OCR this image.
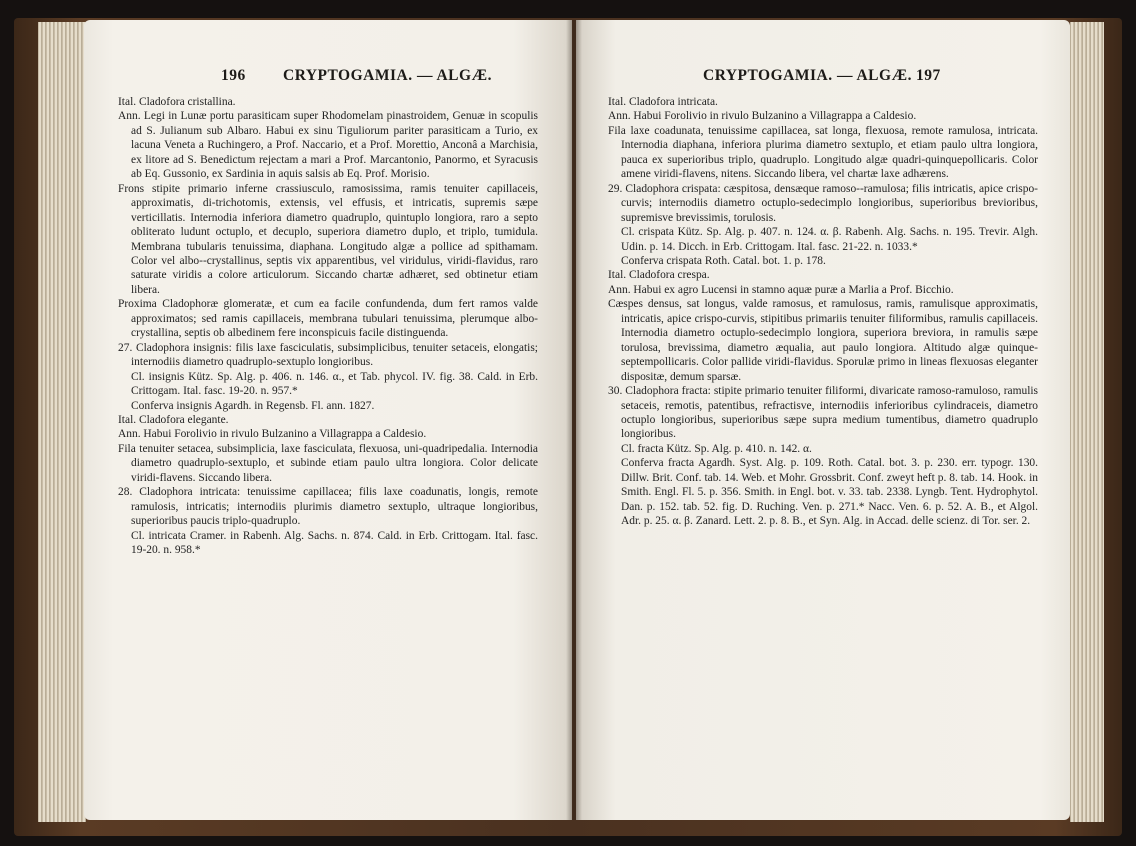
196 CRYPTOGAMIA. — ALGÆ.	CRYPTOGAMIA. — ALGÆ. 197

Ital. Cladofora cristallina.

Ann. Legi in Lunæ portu parasiticam super Rhodomelam pinastroidem, Genuæ in scopulis ad S. Julianum sub Albaro. Habui ex sinu Tiguliorum pariter parasiticam a Turio, ex lacuna Veneta a Ruchingero, a Prof. Naccario, et a Prof. Morettio, Anconâ a Marchisia, ex litore ad S. Benedictum rejectam a mari a Prof. Marcantonio, Panormo, et Syracusis ab Eq. Gussonio, ex Sardinia in aquis salsis ab Eq. Prof. Morisio.

Frons stipite primario inferne crassiusculo, ramosissima, ramis tenuiter capillaceis, approximatis, di-trichotomis, extensis, vel effusis, et intricatis, supremis sæpe verticillatis. Internodia inferiora diametro quadruplo, quintuplo longiora, raro a septo obliterato ludunt octuplo, et decuplo, superiora diametro duplo, et triplo, tumidula. Membrana tubularis tenuissima, diaphana. Longitudo algæ a pollice ad spithamam. Color vel albo--crystallinus, septis vix apparentibus, vel viridulus, viridi-flavidus, raro saturate viridis a colore articulorum. Siccando chartæ adhæret, sed obtinetur etiam libera.

Proxima Cladophoræ glomeratæ, et cum ea facile confundenda, dum fert ramos valde approximatos; sed ramis capillaceis, membrana tubulari tenuissima, plerumque albo-crystallina, septis ob albedinem fere inconspicuis facile distinguenda.

27. Cladophora insignis: filis laxe fasciculatis, subsimplicibus, tenuiter setaceis, elongatis; internodiis diametro quadruplo-sextuplo longioribus.

Cl. insignis Kütz. Sp. Alg. p. 406. n. 146. α., et Tab. phycol. IV. fig. 38. Cald. in Erb. Crittogam. Ital. fasc. 19-20. n. 957.*

Conferva insignis Agardh. in Regensb. Fl. ann. 1827.

Ital. Cladofora elegante.

Ann. Habui Forolivio in rivulo Bulzanino a Villagrappa a Caldesio.

Fila tenuiter setacea, subsimplicia, laxe fasciculata, flexuosa, uni-quadripedalia. Internodia diametro quadruplo-sextuplo, et subinde etiam paulo ultra longiora. Color delicate viridi-flavens. Siccando libera.

28. Cladophora intricata: tenuissime capillacea; filis laxe coadunatis, longis, remote ramulosis, intricatis; internodiis plurimis diametro sextuplo, ultraque longioribus, superioribus paucis triplo-quadruplo.

Cl. intricata Cramer. in Rabenh. Alg. Sachs. n. 874. Cald. in Erb. Crittogam. Ital. fasc. 19-20. n. 958.*

Ital. Cladofora intricata.

Ann. Habui Forolivio in rivulo Bulzanino a Villagrappa a Caldesio.

Fila laxe coadunata, tenuissime capillacea, sat longa, flexuosa, remote ramulosa, intricata. Internodia diaphana, inferiora plurima diametro sextuplo, et etiam paulo ultra longiora, pauca ex superioribus triplo, quadruplo. Longitudo algæ quadri-quinquepollicaris. Color amene viridi-flavens, nitens. Siccando libera, vel chartæ laxe adhærens.

29. Cladophora crispata: cæspitosa, densæque ramoso--ramulosa; filis intricatis, apice crispo-curvis; internodiis diametro octuplo-sedecimplo longioribus, superioribus brevioribus, supremisve brevissimis, torulosis.

Cl. crispata Kütz. Sp. Alg. p. 407. n. 124. α. β. Rabenh. Alg. Sachs. n. 195. Trevir. Algh. Udin. p. 14. Dicch. in Erb. Crittogam. Ital. fasc. 21-22. n. 1033.*

Conferva crispata Roth. Catal. bot. 1. p. 178.

Ital. Cladofora crespa.

Ann. Habui ex agro Lucensi in stamno aquæ puræ a Marlia a Prof. Bicchio.

Cæspes densus, sat longus, valde ramosus, et ramulosus, ramis, ramulisque approximatis, intricatis, apice crispo-curvis, stipitibus primariis tenuiter filiformibus, ramulis capillaceis. Internodia diametro octuplo-sedecimplo longiora, superiora breviora, in ramulis sæpe torulosa, brevissima, diametro æqualia, aut paulo longiora. Altitudo algæ quinque-septempollicaris. Color pallide viridi-flavidus. Sporulæ primo in lineas flexuosas eleganter dispositæ, demum sparsæ.

30. Cladophora fracta: stipite primario tenuiter filiformi, divaricate ramoso-ramuloso, ramulis setaceis, remotis, patentibus, refractisve, internodiis inferioribus cylindraceis, diametro octuplo longioribus, superioribus sæpe supra medium tumentibus, diametro quadruplo longioribus.

Cl. fracta Kütz. Sp. Alg. p. 410. n. 142. α.

Conferva fracta Agardh. Syst. Alg. p. 109. Roth. Catal. bot. 3. p. 230. err. typogr. 130. Dillw. Brit. Conf. tab. 14. Web. et Mohr. Grossbrit. Conf. zweyt heft p. 8. tab. 14. Hook. in Smith. Engl. Fl. 5. p. 356. Smith. in Engl. bot. v. 33. tab. 2338. Lyngb. Tent. Hydrophytol. Dan. p. 152. tab. 52. fig. D. Ruching. Ven. p. 271.* Nacc. Ven. 6. p. 52. A. B., et Algol. Adr. p. 25. α. β. Zanard. Lett. 2. p. 8. B., et Syn. Alg. in Accad. delle scienz. di Tor. ser. 2.
